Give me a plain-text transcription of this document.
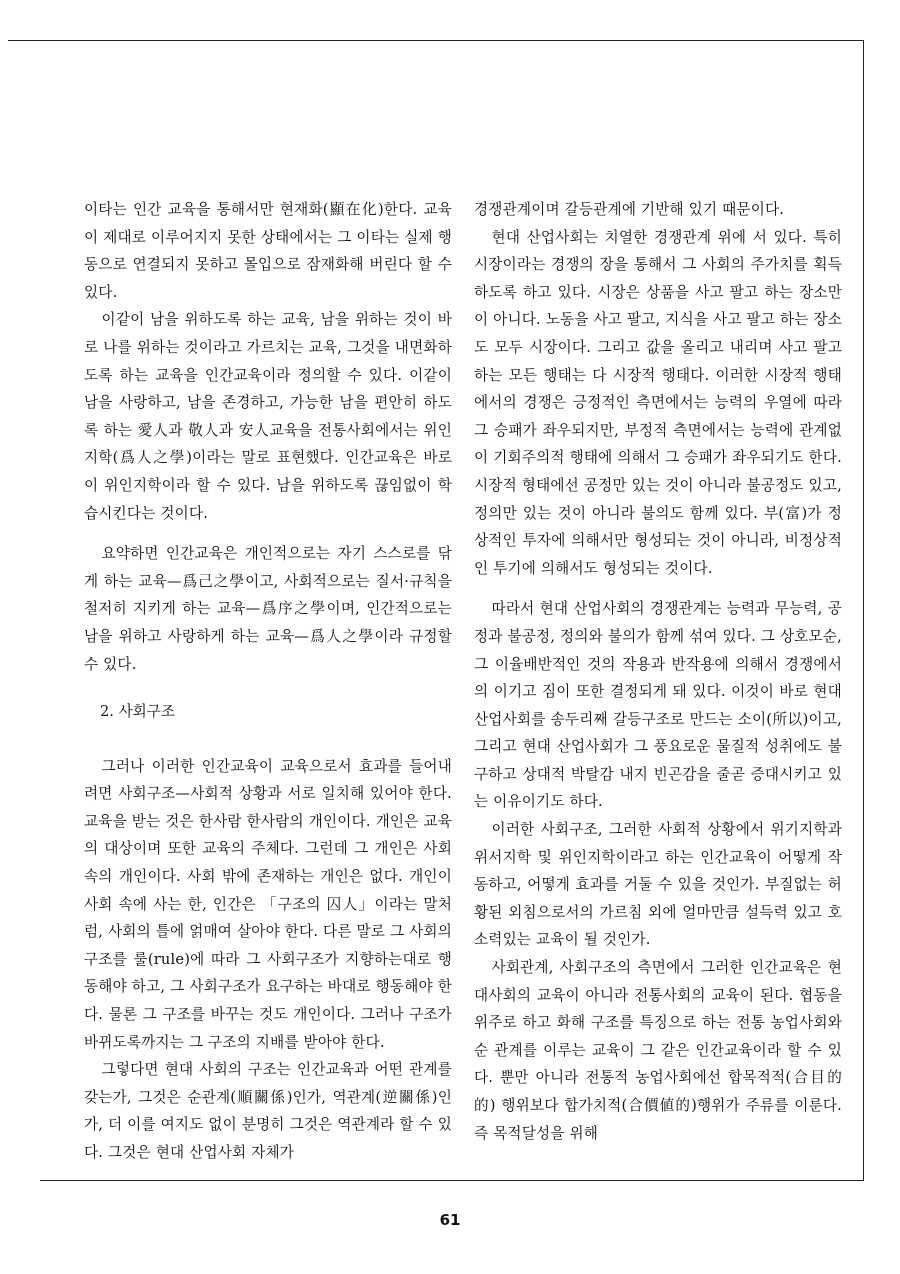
이타는 인간 교육을 통해서만 현재화(顯在化)한다. 교육이 제대로 이루어지지 못한 상태에서는 그 이타는 실제 행동으로 연결되지 못하고 몰입으로 잠재화해 버린다 할 수 있다.

이같이 남을 위하도록 하는 교육, 남을 위하는 것이 바로 나를 위하는 것이라고 가르치는 교육, 그것을 내면화하도록 하는 교육을 인간교육이라 정의할 수 있다. 이같이 남을 사랑하고, 남을 존경하고, 가능한 남을 편안히 하도록 하는 愛人과 敬人과 安人교육을 전통사회에서는 위인지학(爲人之學)이라는 말로 표현했다. 인간교육은 바로 이 위인지학이라 할 수 있다. 남을 위하도록 끊임없이 학습시킨다는 것이다.

요약하면 인간교육은 개인적으로는 자기 스스로를 닦게 하는 교육—爲己之學이고, 사회적으로는 질서·규칙을 철저히 지키게 하는 교육—爲序之學이며, 인간적으로는 남을 위하고 사랑하게 하는 교육—爲人之學이라 규정할 수 있다.

2. 사회구조

그러나 이러한 인간교육이 교육으로서 효과를 들어내려면 사회구조—사회적 상황과 서로 일치해 있어야 한다. 교육을 받는 것은 한사람 한사람의 개인이다. 개인은 교육의 대상이며 또한 교육의 주체다. 그런데 그 개인은 사회 속의 개인이다. 사회 밖에 존재하는 개인은 없다. 개인이 사회 속에 사는 한, 인간은 「구조의 囚人」이라는 말처럼, 사회의 틀에 얽매여 살아야 한다. 다른 말로 그 사회의 구조를 룰(rule)에 따라 그 사회구조가 지향하는대로 행동해야 하고, 그 사회구조가 요구하는 바대로 행동해야 한다. 물론 그 구조를 바꾸는 것도 개인이다. 그러나 구조가 바뀌도록까지는 그 구조의 지배를 받아야 한다.

그렇다면 현대 사회의 구조는 인간교육과 어떤 관계를 갖는가, 그것은 순관계(順關係)인가, 역관계(逆關係)인가, 더 이를 여지도 없이 분명히 그것은 역관계라 할 수 있다. 그것은 현대 산업사회 자체가

경쟁관계이며 갈등관계에 기반해 있기 때문이다.

현대 산업사회는 치열한 경쟁관계 위에 서 있다. 특히 시장이라는 경쟁의 장을 통해서 그 사회의 주가치를 획득하도록 하고 있다. 시장은 상품을 사고 팔고 하는 장소만이 아니다. 노동을 사고 팔고, 지식을 사고 팔고 하는 장소도 모두 시장이다. 그리고 값을 올리고 내리며 사고 팔고 하는 모든 행태는 다 시장적 행태다. 이러한 시장적 행태에서의 경쟁은 긍정적인 측면에서는 능력의 우열에 따라 그 승패가 좌우되지만, 부정적 측면에서는 능력에 관계없이 기회주의적 행태에 의해서 그 승패가 좌우되기도 한다. 시장적 형태에선 공정만 있는 것이 아니라 불공정도 있고, 정의만 있는 것이 아니라 불의도 함께 있다. 부(富)가 정상적인 투자에 의해서만 형성되는 것이 아니라, 비정상적인 투기에 의해서도 형성되는 것이다.

따라서 현대 산업사회의 경쟁관계는 능력과 무능력, 공정과 불공정, 정의와 불의가 함께 섞여 있다. 그 상호모순, 그 이율배반적인 것의 작용과 반작용에 의해서 경쟁에서의 이기고 짐이 또한 결정되게 돼 있다. 이것이 바로 현대 산업사회를 송두리째 갈등구조로 만드는 소이(所以)이고, 그리고 현대 산업사회가 그 풍요로운 물질적 성취에도 불구하고 상대적 박탈감 내지 빈곤감을 줄곧 증대시키고 있는 이유이기도 하다.

이러한 사회구조, 그러한 사회적 상황에서 위기지학과 위서지학 및 위인지학이라고 하는 인간교육이 어떻게 작동하고, 어떻게 효과를 거둘 수 있을 것인가. 부질없는 허황된 외침으로서의 가르침 외에 얼마만큼 설득력 있고 호소력있는 교육이 될 것인가.

사회관계, 사회구조의 측면에서 그러한 인간교육은 현대사회의 교육이 아니라 전통사회의 교육이 된다. 협동을 위주로 하고 화해 구조를 특징으로 하는 전통 농업사회와 순 관계를 이루는 교육이 그 같은 인간교육이라 할 수 있다. 뿐만 아니라 전통적 농업사회에선 합목적적(合目的的) 행위보다 합가치적(合價値的)행위가 주류를 이룬다. 즉 목적달성을 위해

61
